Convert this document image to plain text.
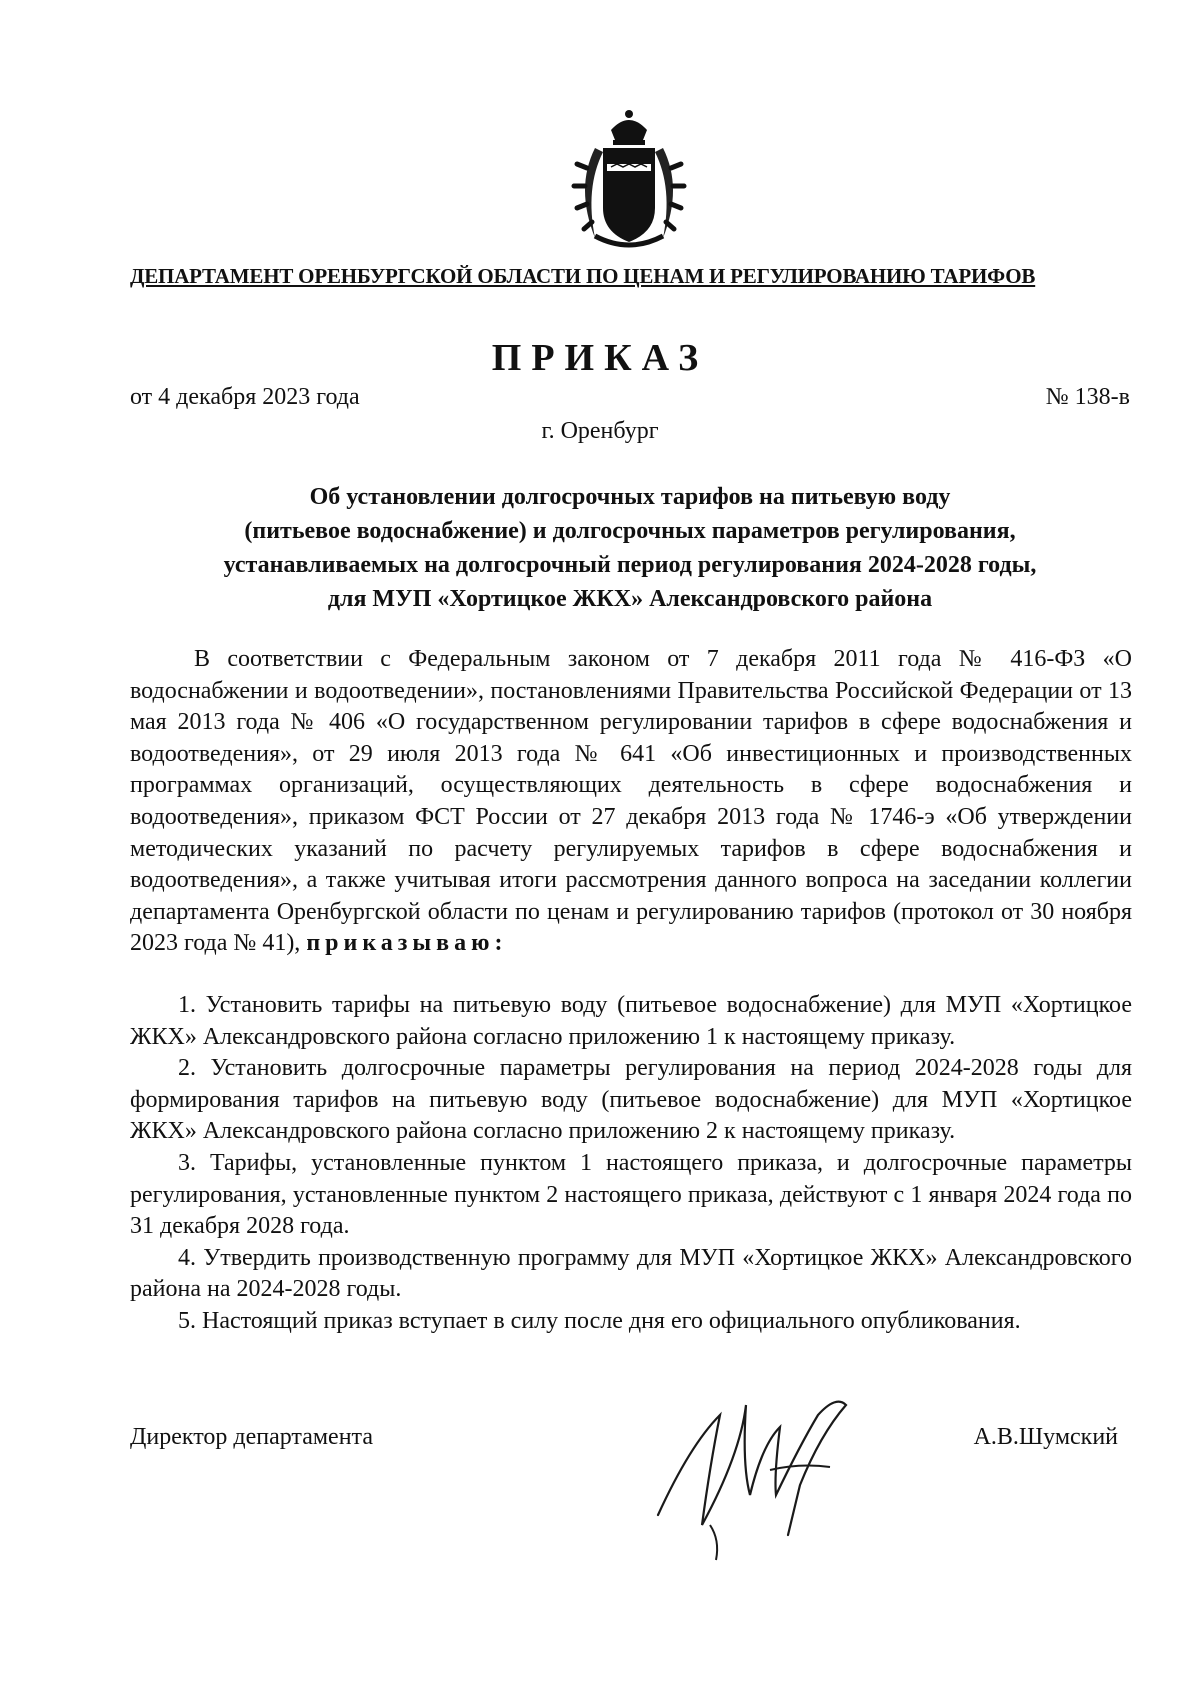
ДЕПАРТАМЕНТ ОРЕНБУРГСКОЙ ОБЛАСТИ ПО ЦЕНАМ И РЕГУЛИРОВАНИЮ ТАРИФОВ
ПРИКАЗ
от 4 декабря 2023 года	№ 138-в
г. Оренбург
Об установлении долгосрочных тарифов на питьевую воду
(питьевое водоснабжение) и долгосрочных параметров регулирования,
устанавливаемых на долгосрочный период регулирования 2024-2028 годы,
для МУП «Хортицкое ЖКХ» Александровского района

В соответствии с Федеральным законом от 7 декабря 2011 года № 416-ФЗ «О водоснабжении и водоотведении», постановлениями Правительства Российской Федерации от 13 мая 2013 года № 406 «О государственном регулировании тарифов в сфере водоснабжения и водоотведения», от 29 июля 2013 года № 641 «Об инвестиционных и производственных программах организаций, осуществляющих деятельность в сфере водоснабжения и водоотведения», приказом ФСТ России от 27 декабря 2013 года № 1746-э «Об утверждении методических указаний по расчету регулируемых тарифов в сфере водоснабжения и водоотведения», а также учитывая итоги рассмотрения данного вопроса на заседании коллегии департамента Оренбургской области по ценам и регулированию тарифов (протокол от 30 ноября 2023 года № 41), приказываю:

1. Установить тарифы на питьевую воду (питьевое водоснабжение) для МУП «Хортицкое ЖКХ» Александровского района согласно приложению 1 к настоящему приказу.

2. Установить долгосрочные параметры регулирования на период 2024-2028 годы для формирования тарифов на питьевую воду (питьевое водоснабжение) для МУП «Хортицкое ЖКХ» Александровского района согласно приложению 2 к настоящему приказу.

3. Тарифы, установленные пунктом 1 настоящего приказа, и долгосрочные параметры регулирования, установленные пунктом 2 настоящего приказа, действуют с 1 января 2024 года по 31 декабря 2028 года.

4. Утвердить производственную программу для МУП «Хортицкое ЖКХ» Александровского района на 2024-2028 годы.

5. Настоящий приказ вступает в силу после дня его официального опубликования.

Директор департамента	А.В.Шумский
